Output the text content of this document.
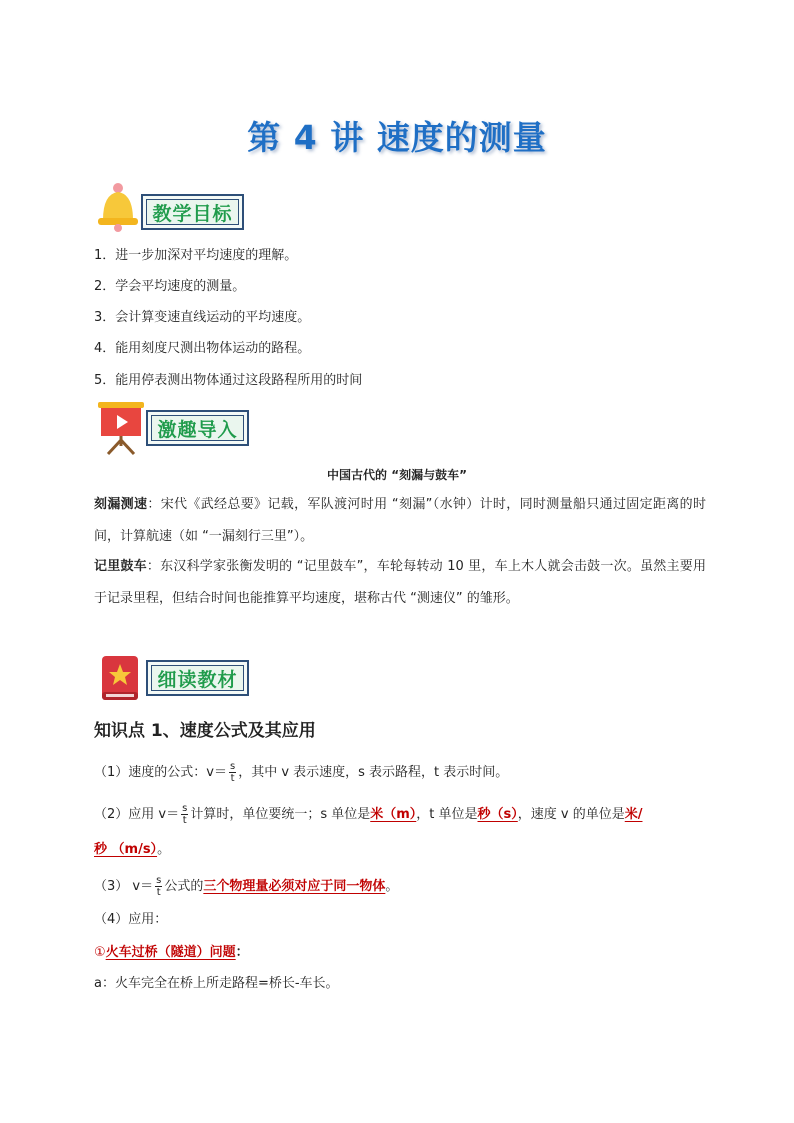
第 4 讲 速度的测量
教学目标
1．进一步加深对平均速度的理解。
2．学会平均速度的测量。
3．会计算变速直线运动的平均速度。
4．能用刻度尺测出物体运动的路程。
5．能用停表测出物体通过这段路程所用的时间
激趣导入
中国古代的 “刻漏与鼓车”
刻漏测速：宋代《武经总要》记载，军队渡河时用 “刻漏”（水钟）计时，同时测量船只通过固定距离的时间，计算航速（如 “一漏刻行三里”）。
记里鼓车：东汉科学家张衡发明的 “记里鼓车”，车轮每转动 10 里，车上木人就会击鼓一次。虽然主要用于记录里程，但结合时间也能推算平均速度，堪称古代 “测速仪” 的雏形。
细读教材
知识点 1、速度公式及其应用
（1）速度的公式：$v= \frac{s}{t}$ ，其中 v 表示速度，s 表示路程，t 表示时间。
（2）应用 $v= \frac{s}{t}$ 计算时，单位要统一；s 单位是米（m），t 单位是秒（s），速度 v 的单位是米/
秒 （m/s）。
（3） $v= \frac{s}{t}$ 公式的三个物理量必须对应于同一物体。
（4）应用：
①火车过桥（隧道）问题：
a：火车完全在桥上所走路程=桥长-车长。
